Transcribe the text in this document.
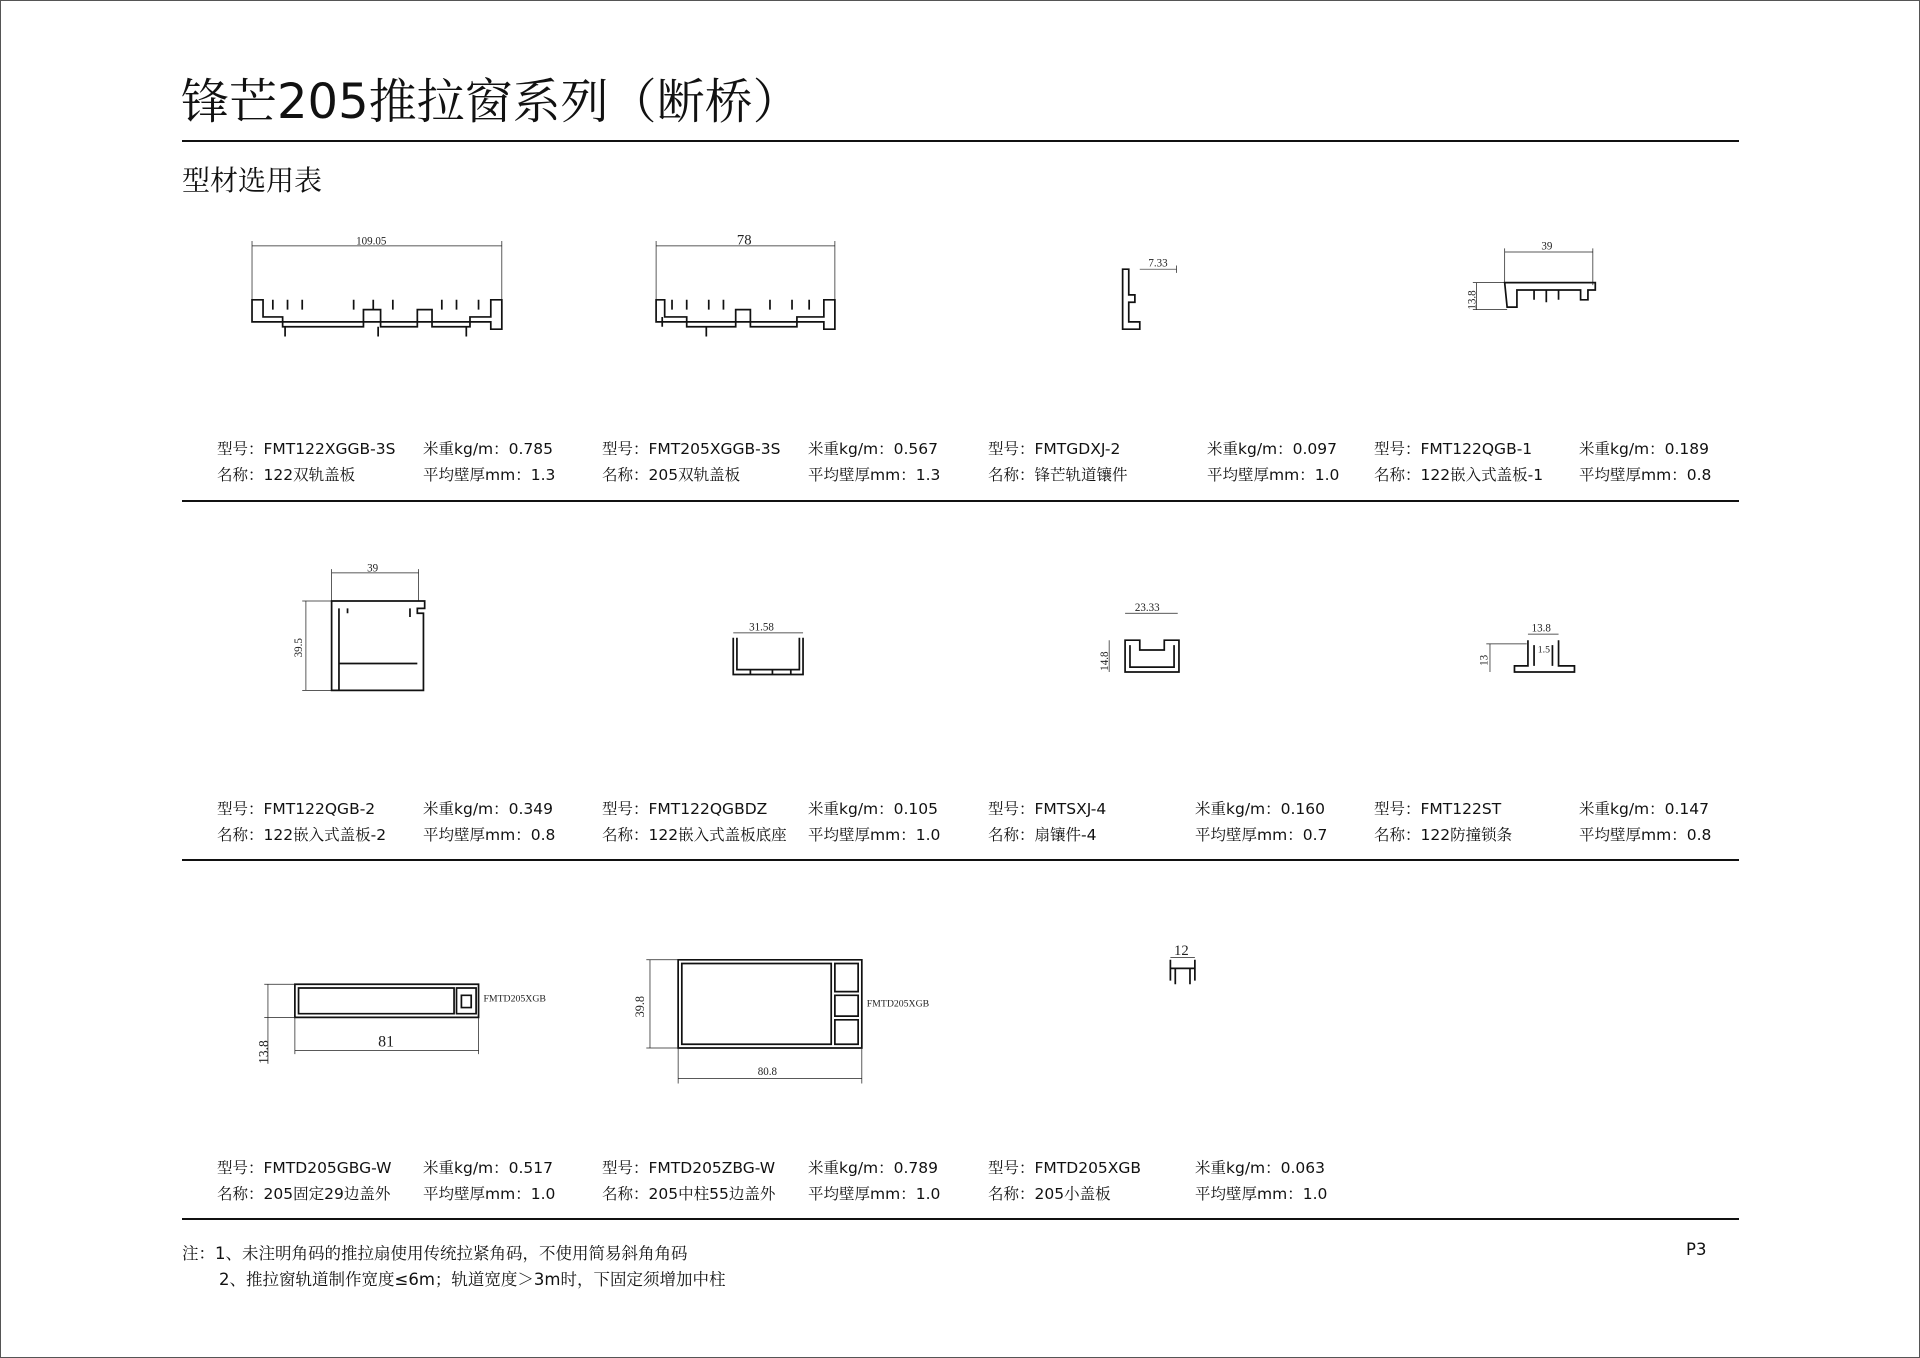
锋芒205推拉窗系列（断桥）
型材选用表
109.05	78
7.33
39
13.8
39
39.5
31.58
23.33
14.8
13.8
1.5
13
81
13.8
FMTD205XGB
80.8
39.8	FMTD205XGB
12
型号：FMT122XGGB-3S 米重kg/m：0.785
名称：122双轨盖板	平均壁厚mm：1.3
型号：FMT205XGGB-3S 米重kg/m：0.567
名称：205双轨盖板	平均壁厚mm：1.3
型号：FMTGDXJ-2	米重kg/m：0.097
名称：锋芒轨道镶件	平均壁厚mm：1.0
型号：FMT122QGB-1	米重kg/m：0.189
名称：122嵌入式盖板-1 平均壁厚mm：0.8
型号：FMT122QGB-2	米重kg/m：0.349
名称：122嵌入式盖板-2 平均壁厚mm：0.8
型号：FMT122QGBDZ	米重kg/m：0.105
名称：122嵌入式盖板底座 平均壁厚mm：1.0
型号：FMTSXJ-4	米重kg/m：0.160
名称：扇镶件-4	平均壁厚mm：0.7
型号：FMT122ST	米重kg/m：0.147
名称：122防撞锁条	平均壁厚mm：0.8
型号：FMTD205GBG-W 米重kg/m：0.517
名称：205固定29边盖外 平均壁厚mm：1.0
型号：FMTD205ZBG-W 米重kg/m：0.789
名称：205中柱55边盖外 平均壁厚mm：1.0
型号：FMTD205XGB	米重kg/m：0.063
名称：205小盖板	平均壁厚mm：1.0
注：1、未注明角码的推拉扇使用传统拉紧角码，不使用简易斜角角码
2、推拉窗轨道制作宽度≤6m；轨道宽度＞3m时，下固定须增加中柱
P3
